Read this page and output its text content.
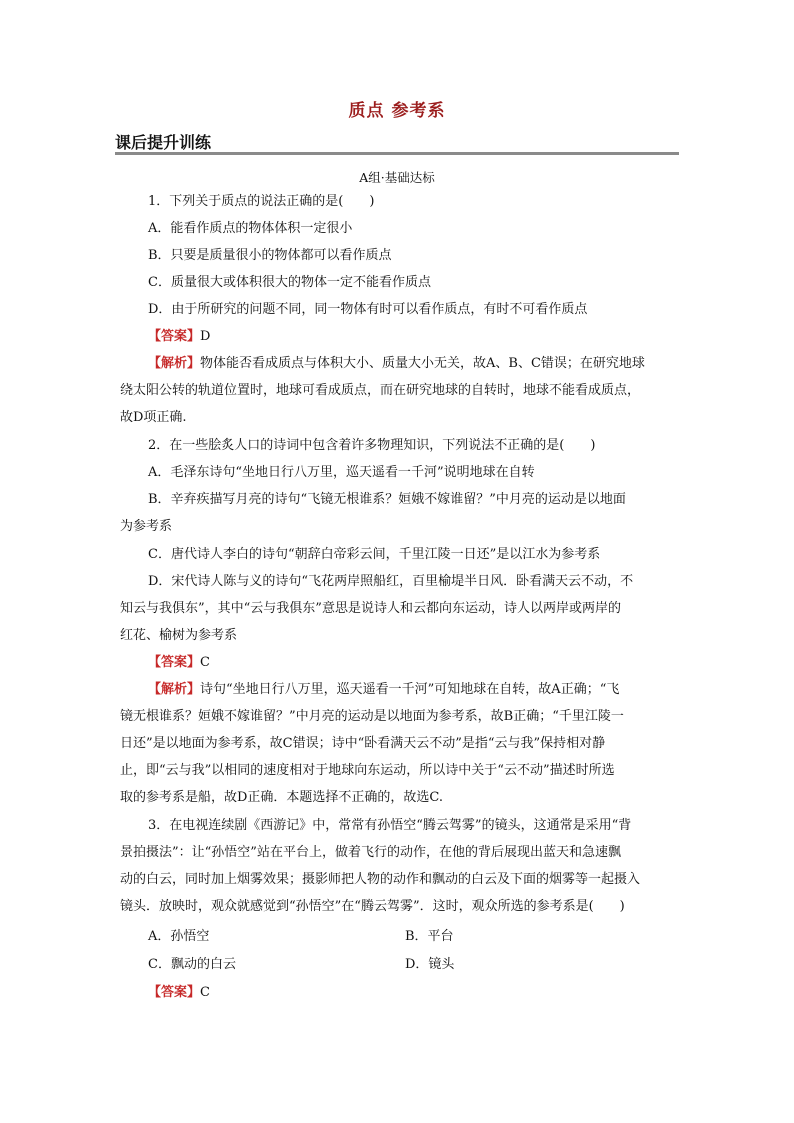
质点 参考系
课后提升训练
A组·基础达标
1．下列关于质点的说法正确的是(　　)
A．能看作质点的物体体积一定很小
B．只要是质量很小的物体都可以看作质点
C．质量很大或体积很大的物体一定不能看作质点
D．由于所研究的问题不同，同一物体有时可以看作质点，有时不可看作质点
【答案】D
【解析】物体能否看成质点与体积大小、质量大小无关，故A、B、C错误；在研究地球
绕太阳公转的轨道位置时，地球可看成质点，而在研究地球的自转时，地球不能看成质点，
故D项正确.
2．在一些脍炙人口的诗词中包含着许多物理知识，下列说法不正确的是(　　)
A．毛泽东诗句“坐地日行八万里，巡天遥看一千河”说明地球在自转
B．辛弃疾描写月亮的诗句“飞镜无根谁系？姮娥不嫁谁留？”中月亮的运动是以地面
为参考系
C．唐代诗人李白的诗句“朝辞白帝彩云间，千里江陵一日还”是以江水为参考系
D．宋代诗人陈与义的诗句“飞花两岸照船红，百里榆堤半日风．卧看满天云不动，不
知云与我俱东”，其中“云与我俱东”意思是说诗人和云都向东运动，诗人以两岸或两岸的
红花、榆树为参考系
【答案】C
【解析】诗句“坐地日行八万里，巡天遥看一千河”可知地球在自转，故A正确；“飞
镜无根谁系？姮娥不嫁谁留？”中月亮的运动是以地面为参考系，故B正确；“千里江陵一
日还”是以地面为参考系，故C错误；诗中“卧看满天云不动”是指“云与我”保持相对静
止，即“云与我”以相同的速度相对于地球向东运动，所以诗中关于“云不动”描述时所选
取的参考系是船，故D正确．本题选择不正确的，故选C.
3．在电视连续剧《西游记》中，常常有孙悟空“腾云驾雾”的镜头，这通常是采用“背
景拍摄法”：让“孙悟空”站在平台上，做着飞行的动作，在他的背后展现出蓝天和急速飘
动的白云，同时加上烟雾效果；摄影师把人物的动作和飘动的白云及下面的烟雾等一起摄入
镜头．放映时，观众就感觉到“孙悟空”在“腾云驾雾”．这时，观众所选的参考系是(　　)
A．孙悟空	B．平台
C．飘动的白云	D．镜头
【答案】C
